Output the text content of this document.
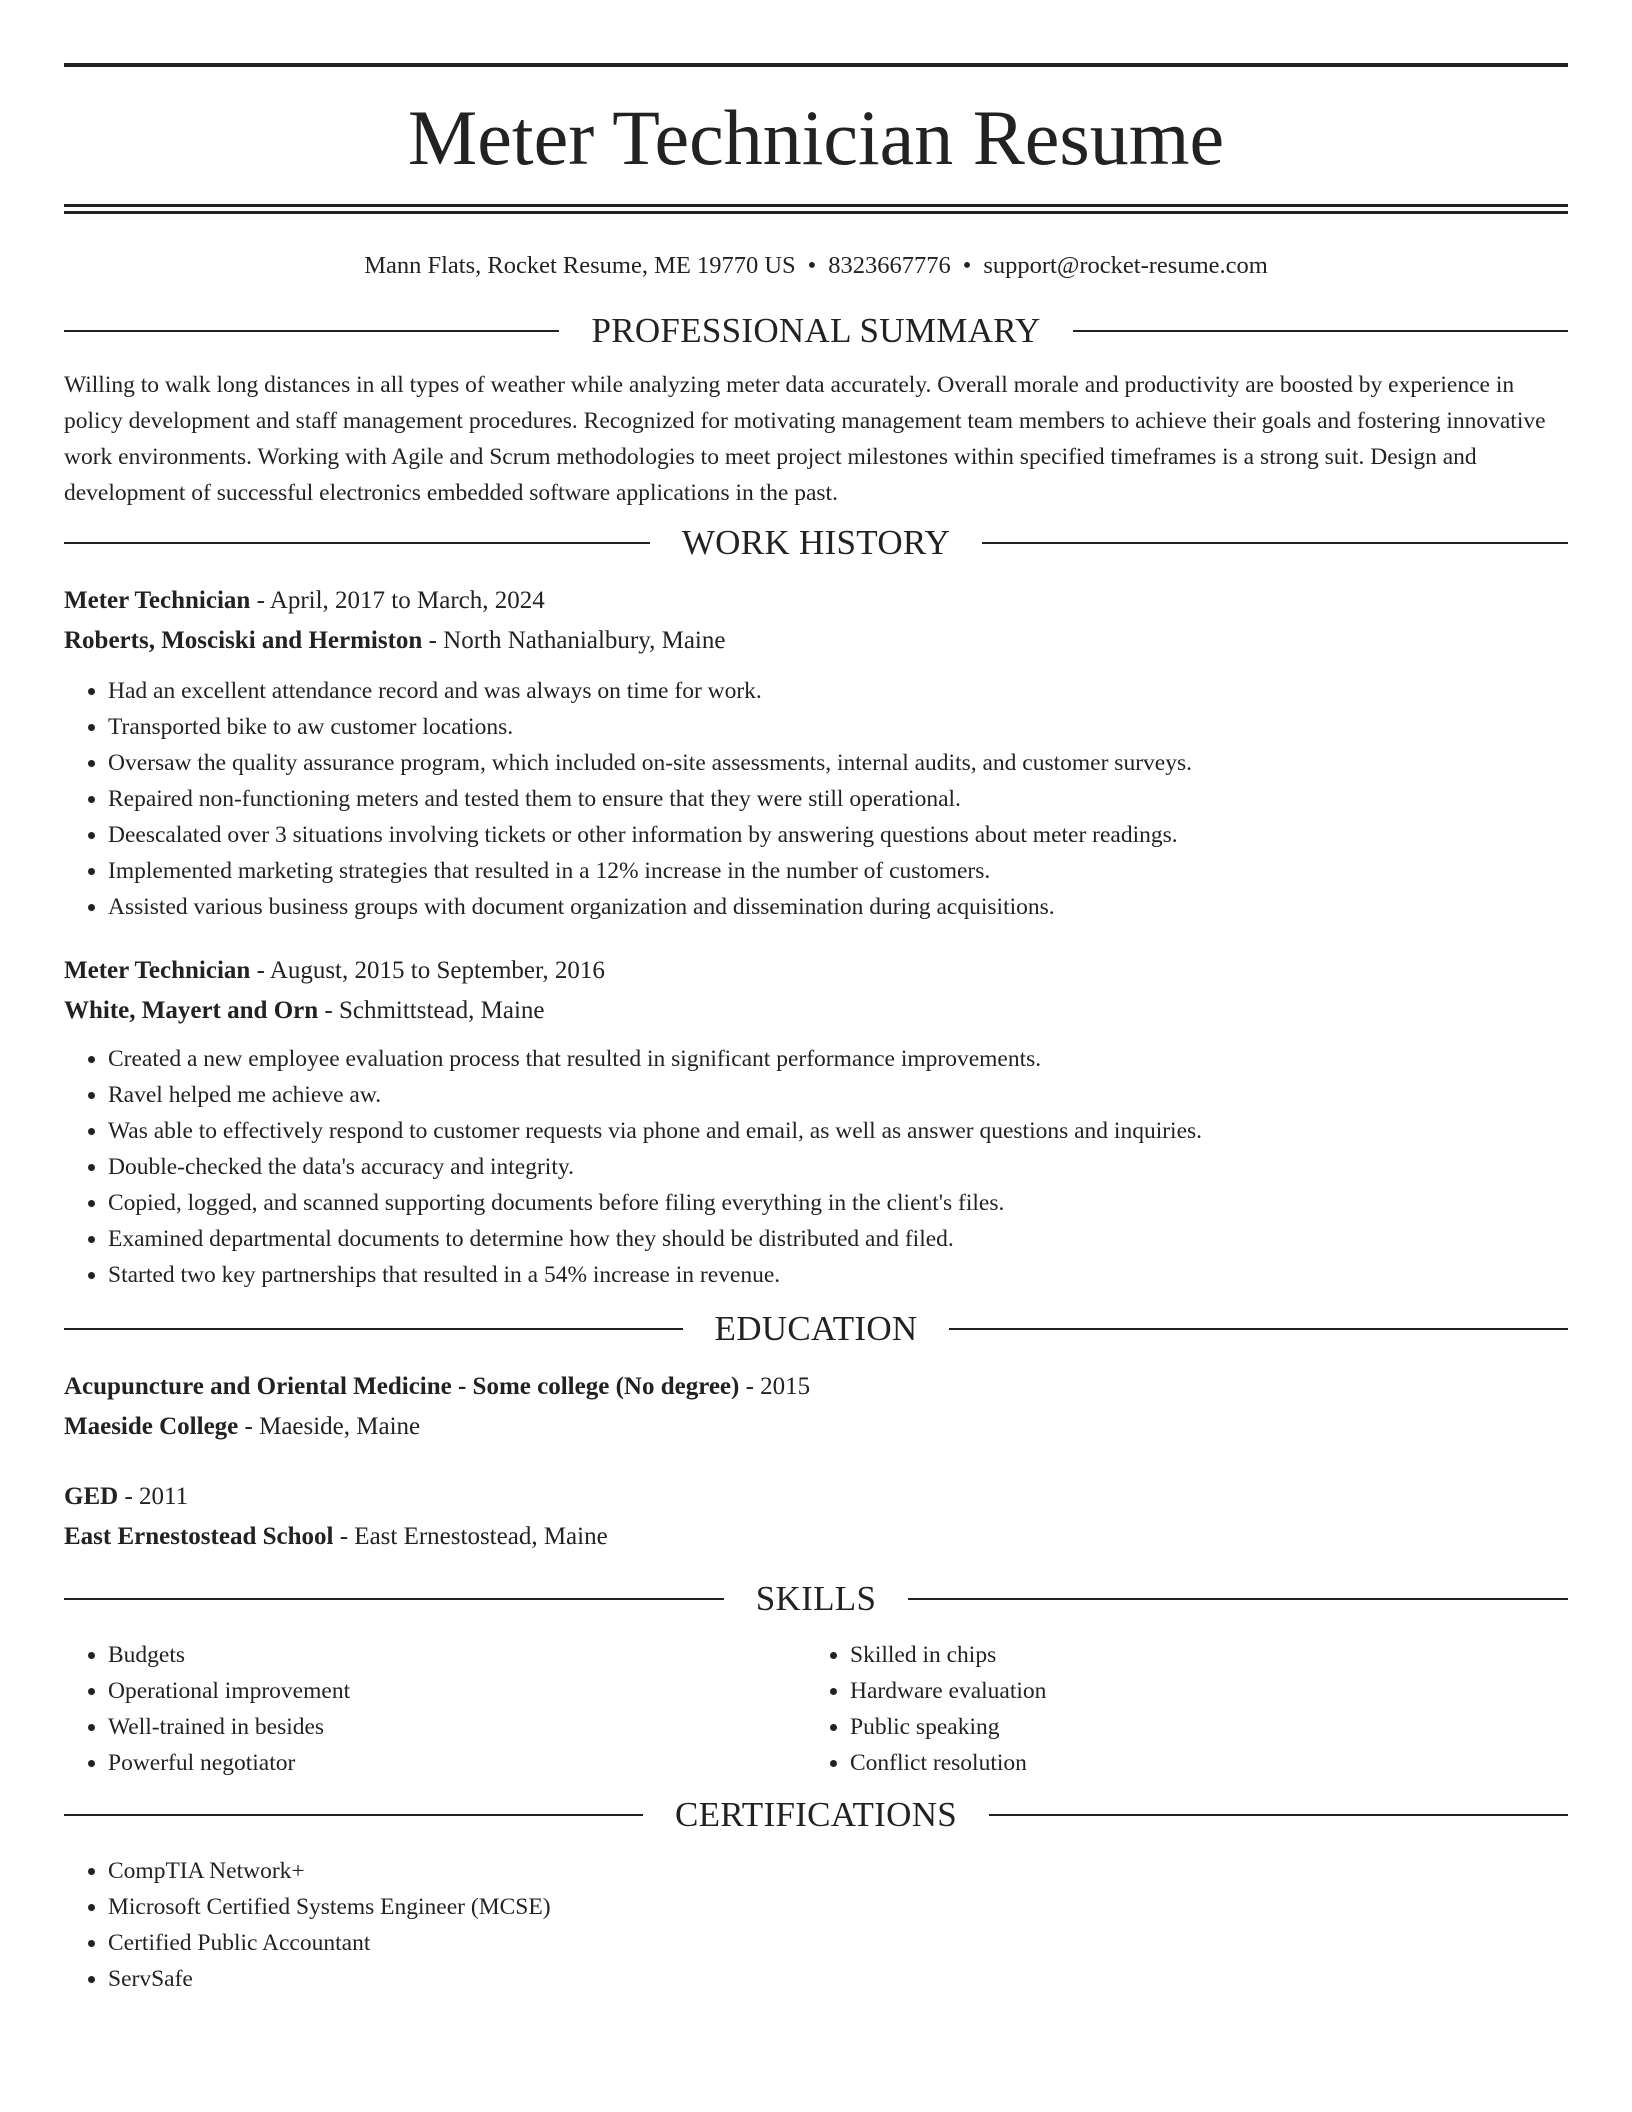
Meter Technician Resume
Mann Flats, Rocket Resume, ME 19770 US • 8323667776 • support@rocket-resume.com
PROFESSIONAL SUMMARY

Willing to walk long distances in all types of weather while analyzing meter data accurately. Overall morale and productivity are boosted by experience in policy development and staff management procedures. Recognized for motivating management team members to achieve their goals and fostering innovative work environments. Working with Agile and Scrum methodologies to meet project milestones within specified timeframes is a strong suit. Design and development of successful electronics embedded software applications in the past.

WORK HISTORY
Meter Technician - April, 2017 to March, 2024
Roberts, Mosciski and Hermiston - North Nathanialbury, Maine
• Had an excellent attendance record and was always on time for work.
• Transported bike to aw customer locations.
• Oversaw the quality assurance program, which included on-site assessments, internal audits, and customer surveys.
• Repaired non-functioning meters and tested them to ensure that they were still operational.
• Deescalated over 3 situations involving tickets or other information by answering questions about meter readings.
• Implemented marketing strategies that resulted in a 12% increase in the number of customers.
• Assisted various business groups with document organization and dissemination during acquisitions.
Meter Technician - August, 2015 to September, 2016
White, Mayert and Orn - Schmittstead, Maine
• Created a new employee evaluation process that resulted in significant performance improvements.
• Ravel helped me achieve aw.
• Was able to effectively respond to customer requests via phone and email, as well as answer questions and inquiries.
• Double-checked the data's accuracy and integrity.
• Copied, logged, and scanned supporting documents before filing everything in the client's files.
• Examined departmental documents to determine how they should be distributed and filed.
• Started two key partnerships that resulted in a 54% increase in revenue.
EDUCATION
Acupuncture and Oriental Medicine - Some college (No degree) - 2015
Maeside College - Maeside, Maine
GED - 2011
East Ernestostead School - East Ernestostead, Maine
SKILLS
• Budgets
• Operational improvement
• Well-trained in besides
• Powerful negotiator
• Skilled in chips
• Hardware evaluation
• Public speaking
• Conflict resolution
CERTIFICATIONS
• CompTIA Network+
• Microsoft Certified Systems Engineer (MCSE)
• Certified Public Accountant
• ServSafe
